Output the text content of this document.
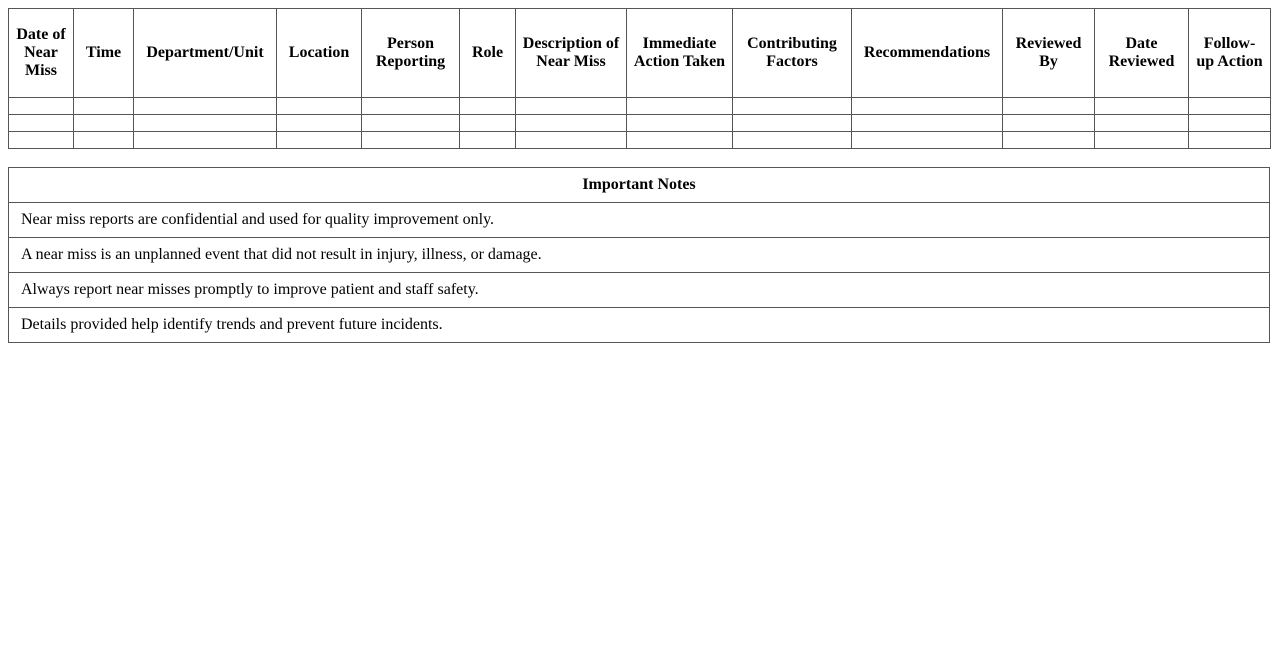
Date of Near Miss	Time	Department/Unit	Location	Person Reporting	Role	Description of Near Miss	Immediate Action Taken	Contributing Factors	Recommendations	Reviewed By	Date Reviewed	Follow-up Action

Important Notes
Near miss reports are confidential and used for quality improvement only.
A near miss is an unplanned event that did not result in injury, illness, or damage.
Always report near misses promptly to improve patient and staff safety.
Details provided help identify trends and prevent future incidents.
